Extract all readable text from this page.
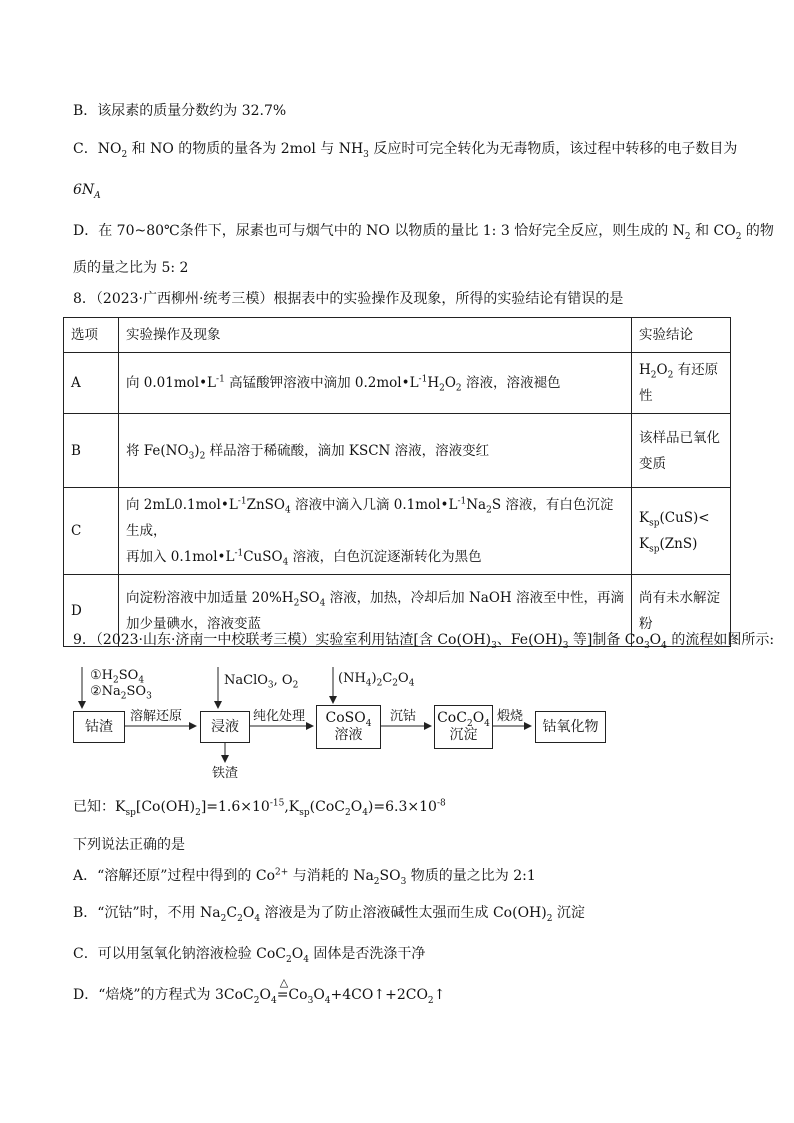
B．该尿素的质量分数约为 32.7%
C．$NO_2$ 和 NO 的物质的量各为 2mol 与 $NH_3$ 反应时可完全转化为无毒物质，该过程中转移的电子数目为
$6N_A$
D．在 70~80℃条件下，尿素也可与烟气中的 NO 以物质的量比 1: 3 恰好完全反应，则生成的 $N_2$ 和 $CO_2$ 的物
质的量之比为 5: 2
8．（2023·广西柳州·统考三模）根据表中的实验操作及现象，所得的实验结论有错误的是
选项	实验操作及现象	实验结论
A	向 $0.01mol•L^{-1}$ 高锰酸钾溶液中滴加 $0.2mol•L^{-1}H_2O_2$ 溶液，溶液褪色	$H_2O_2$ 有还原性
B	将 $Fe(NO_3)_2$ 样品溶于稀硫酸，滴加 KSCN 溶液，溶液变红	该样品已氧化变质
C	向 $2mL0.1mol•L^{-1}ZnSO_4$ 溶液中滴入几滴 $0.1mol•L^{-1}Na_2S$ 溶液，有白色沉淀生成，
再加入 $0.1mol•L^{-1}CuSO_4$ 溶液，白色沉淀逐渐转化为黑色	$K_{sp}(CuS)<$
$K_{sp}(ZnS)$
D	向淀粉溶液中加适量 $20\%H_2SO_4$ 溶液，加热，冷却后加 NaOH 溶液至中性，再滴加少量碘水，溶液变蓝	尚有未水解淀粉
9．（2023·山东·济南一中校联考三模）实验室利用钴渣[含 $Co(OH)_3$、$Fe(OH)_3$ 等]制备 $Co_3O_4$ 的流程如图所示:
$①H_2SO_4$
$②Na_2SO_3$
NaClO$_3$, $O_2$	$(NH_4)_2C_2O_4$
钴渣
溶解还原
浸液
纯化处理 CoSO$_4$
溶液
沉钴 $CoC_2O_4$
沉淀
煅烧
钴氧化物
铁渣
已知：$K_{sp}[Co(OH)_2]=1.6\times 10^{-15},K_{sp}(CoC_2O_4)=6.3\times 10^{-8}$
下列说法正确的是
A．“溶解还原”过程中得到的 $Co^{2+}$ 与消耗的 $Na_2SO_3$ 物质的量之比为 2:1
B．“沉钴”时，不用 $Na_2C_2O_4$ 溶液是为了防止溶液碱性太强而生成 $Co(OH)_2$ 沉淀
C．可以用氢氧化钠溶液检验 $CoC_2O_4$ 固体是否洗涤干净
D．“焙烧”的方程式为 $3CoC_2O_4$
△
$=Co_3O_4+4CO↑+2CO_2↑$
